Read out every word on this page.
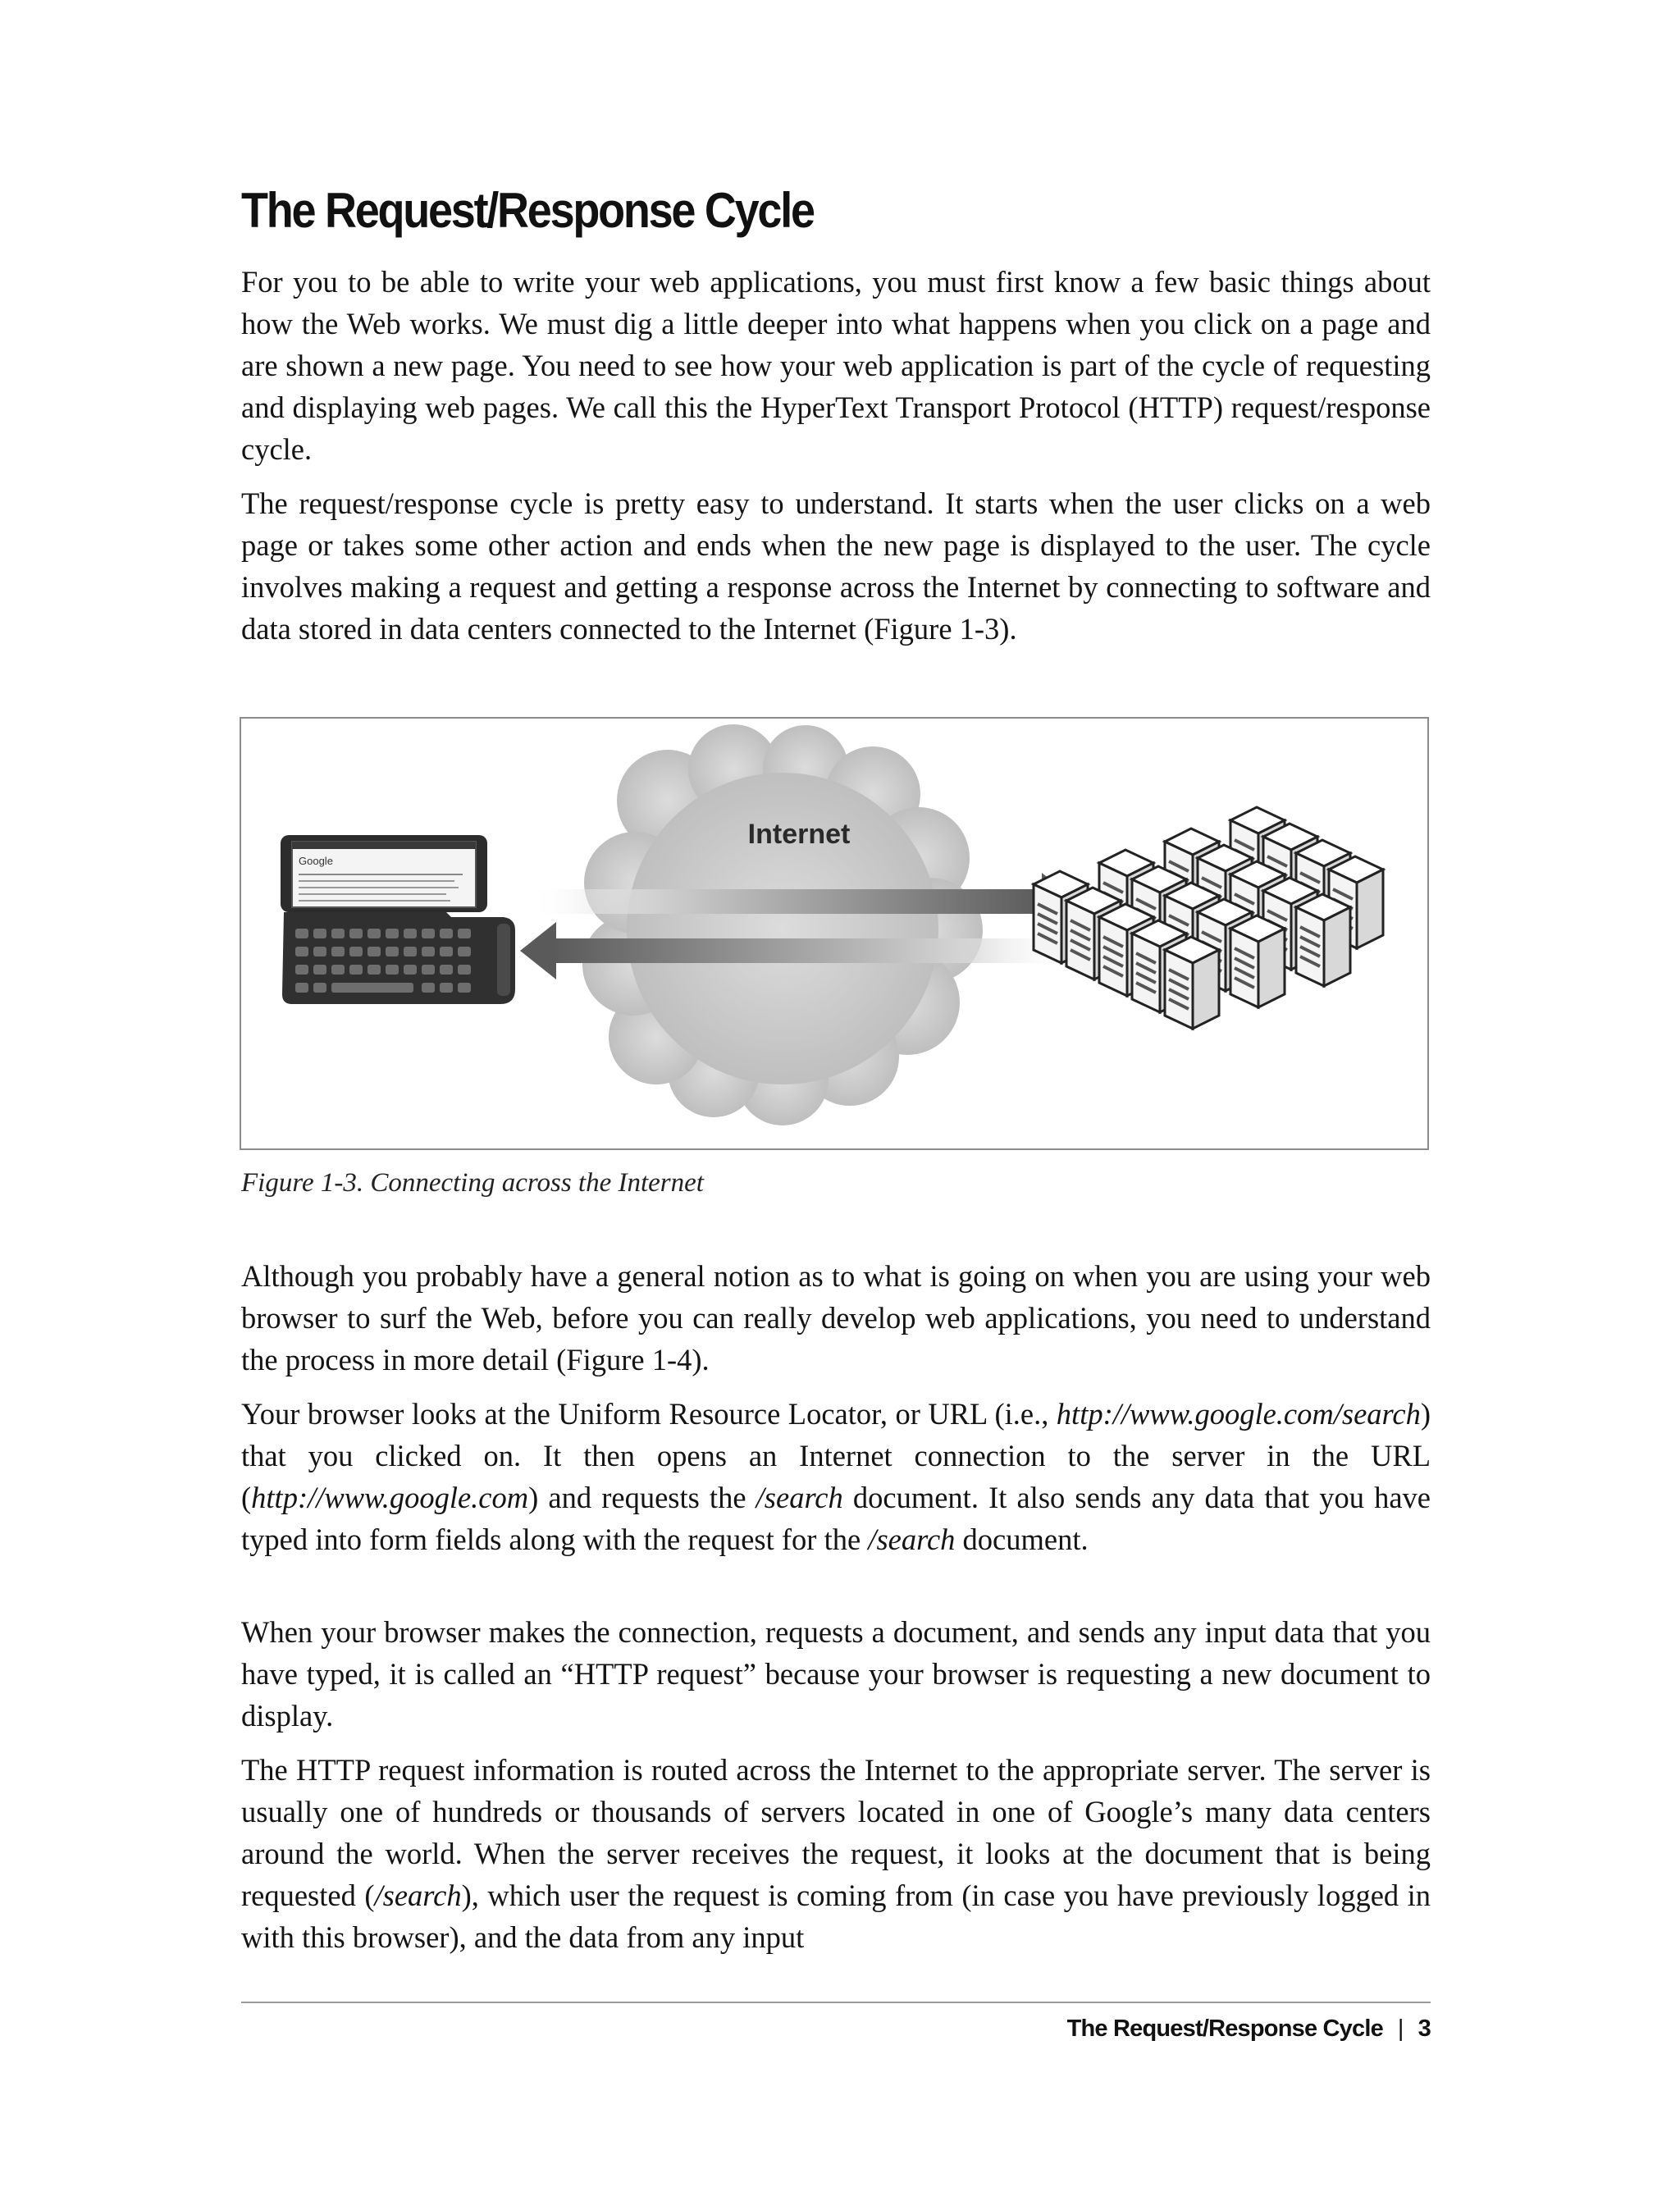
The Request/Response Cycle

For you to be able to write your web applications, you must first know a few basic things about how the Web works. We must dig a little deeper into what happens when you click on a page and are shown a new page. You need to see how your web application is part of the cycle of requesting and displaying web pages. We call this the HyperText Transport Protocol (HTTP) request/response cycle.

The request/response cycle is pretty easy to understand. It starts when the user clicks on a web page or takes some other action and ends when the new page is displayed to the user. The cycle involves making a request and getting a response across the Internet by connecting to software and data stored in data centers connected to the Internet (Figure 1-3).

Internet
Google

Figure 1-3. Connecting across the Internet

Although you probably have a general notion as to what is going on when you are using your web browser to surf the Web, before you can really develop web applications, you need to understand the process in more detail (Figure 1-4).

Your browser looks at the Uniform Resource Locator, or URL (i.e., http://www.google.com/search) that you clicked on. It then opens an Internet connection to the server in the URL (http://www.google.com) and requests the /search document. It also sends any data that you have typed into form fields along with the request for the /search document.

When your browser makes the connection, requests a document, and sends any input data that you have typed, it is called an “HTTP request” because your browser is requesting a new document to display.

The HTTP request information is routed across the Internet to the appropriate server. The server is usually one of hundreds or thousands of servers located in one of Google’s many data centers around the world. When the server receives the request, it looks at the document that is being requested (/search), which user the request is coming from (in case you have previously logged in with this browser), and the data from any input

The Request/Response Cycle | 3
